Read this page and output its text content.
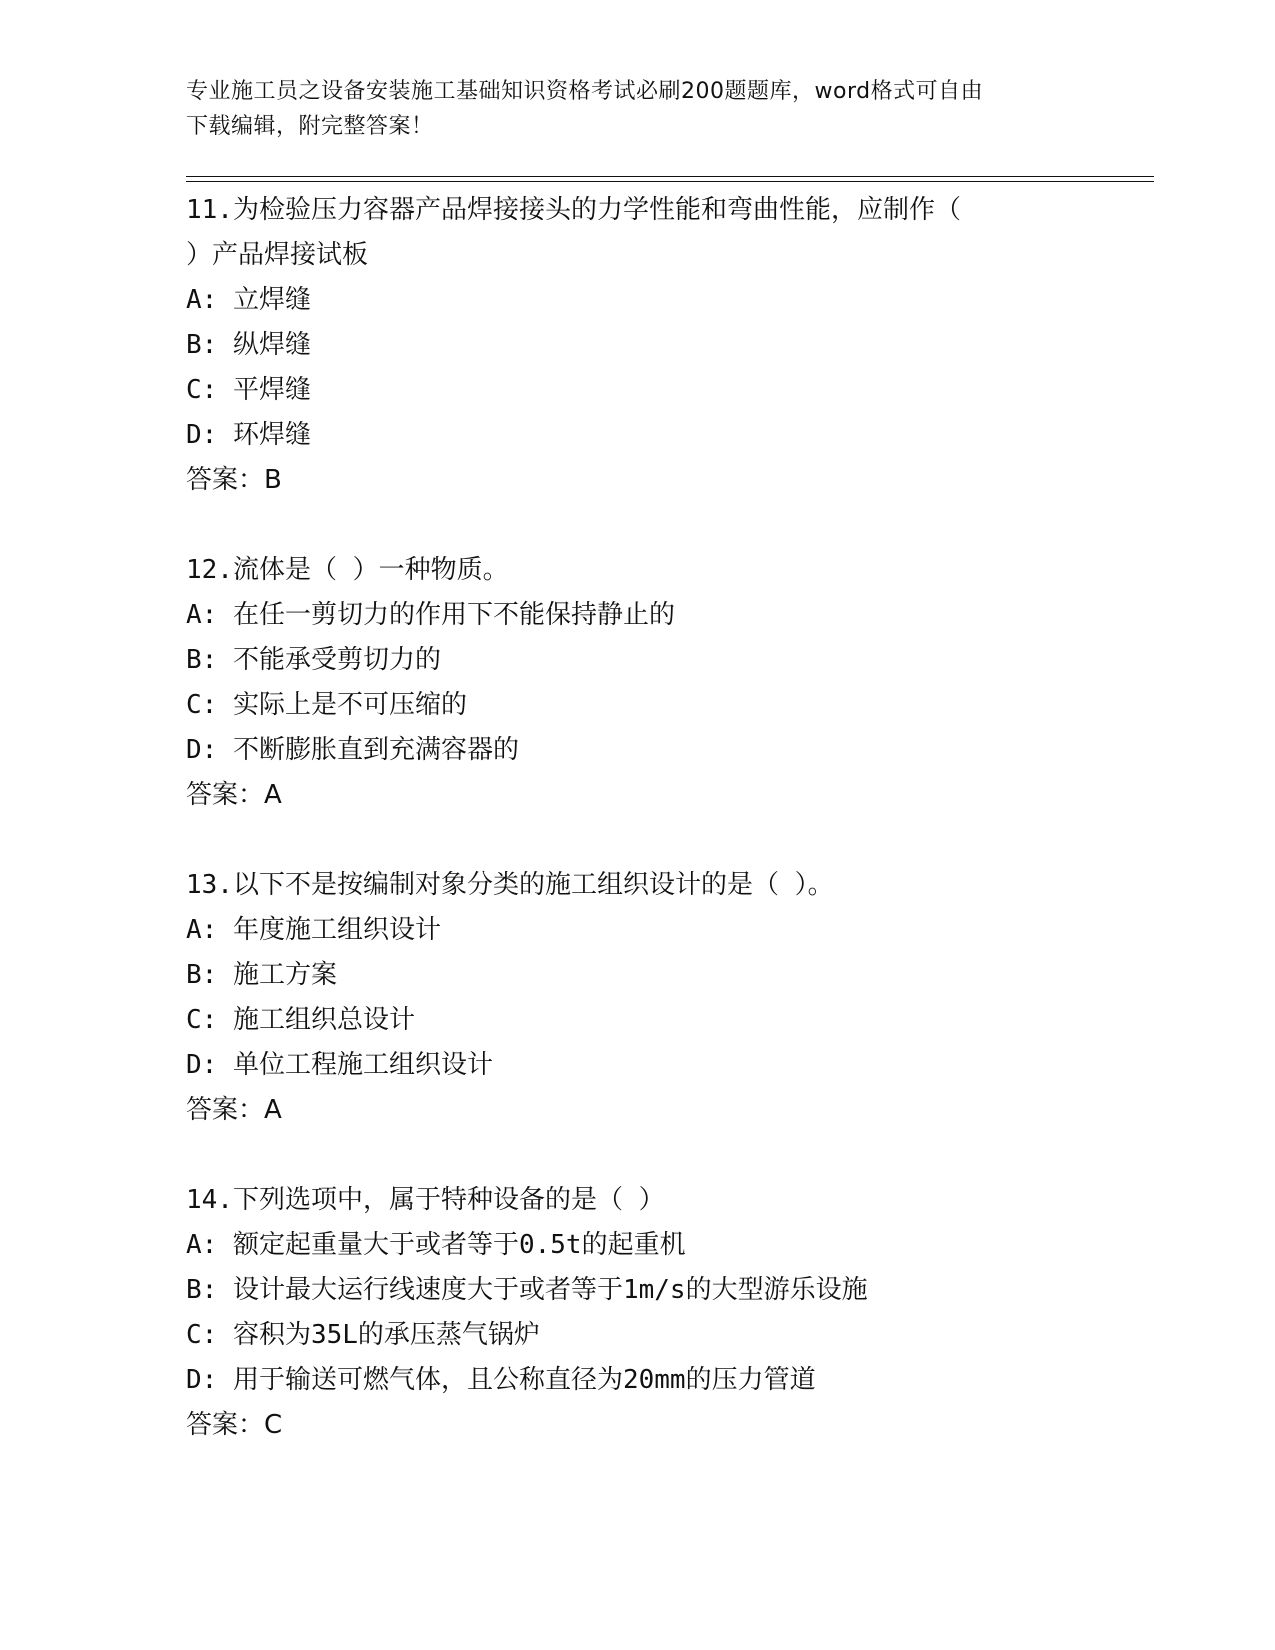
专业施工员之设备安装施工基础知识资格考试必刷200题题库，word格式可自由
下载编辑，附完整答案！
11.为检验压力容器产品焊接接头的力学性能和弯曲性能，应制作（
）产品焊接试板
A: 立焊缝
B: 纵焊缝
C: 平焊缝
D: 环焊缝
答案：B
12.流体是（ ）一种物质。
A: 在任一剪切力的作用下不能保持静止的
B: 不能承受剪切力的
C: 实际上是不可压缩的
D: 不断膨胀直到充满容器的
答案：A
13.以下不是按编制对象分类的施工组织设计的是（ ）。
A: 年度施工组织设计
B: 施工方案
C: 施工组织总设计
D: 单位工程施工组织设计
答案：A
14.下列选项中，属于特种设备的是（ ）
A: 额定起重量大于或者等于0.5t的起重机
B: 设计最大运行线速度大于或者等于1m/s的大型游乐设施
C: 容积为35L的承压蒸气锅炉
D: 用于输送可燃气体，且公称直径为20mm的压力管道
答案：C
